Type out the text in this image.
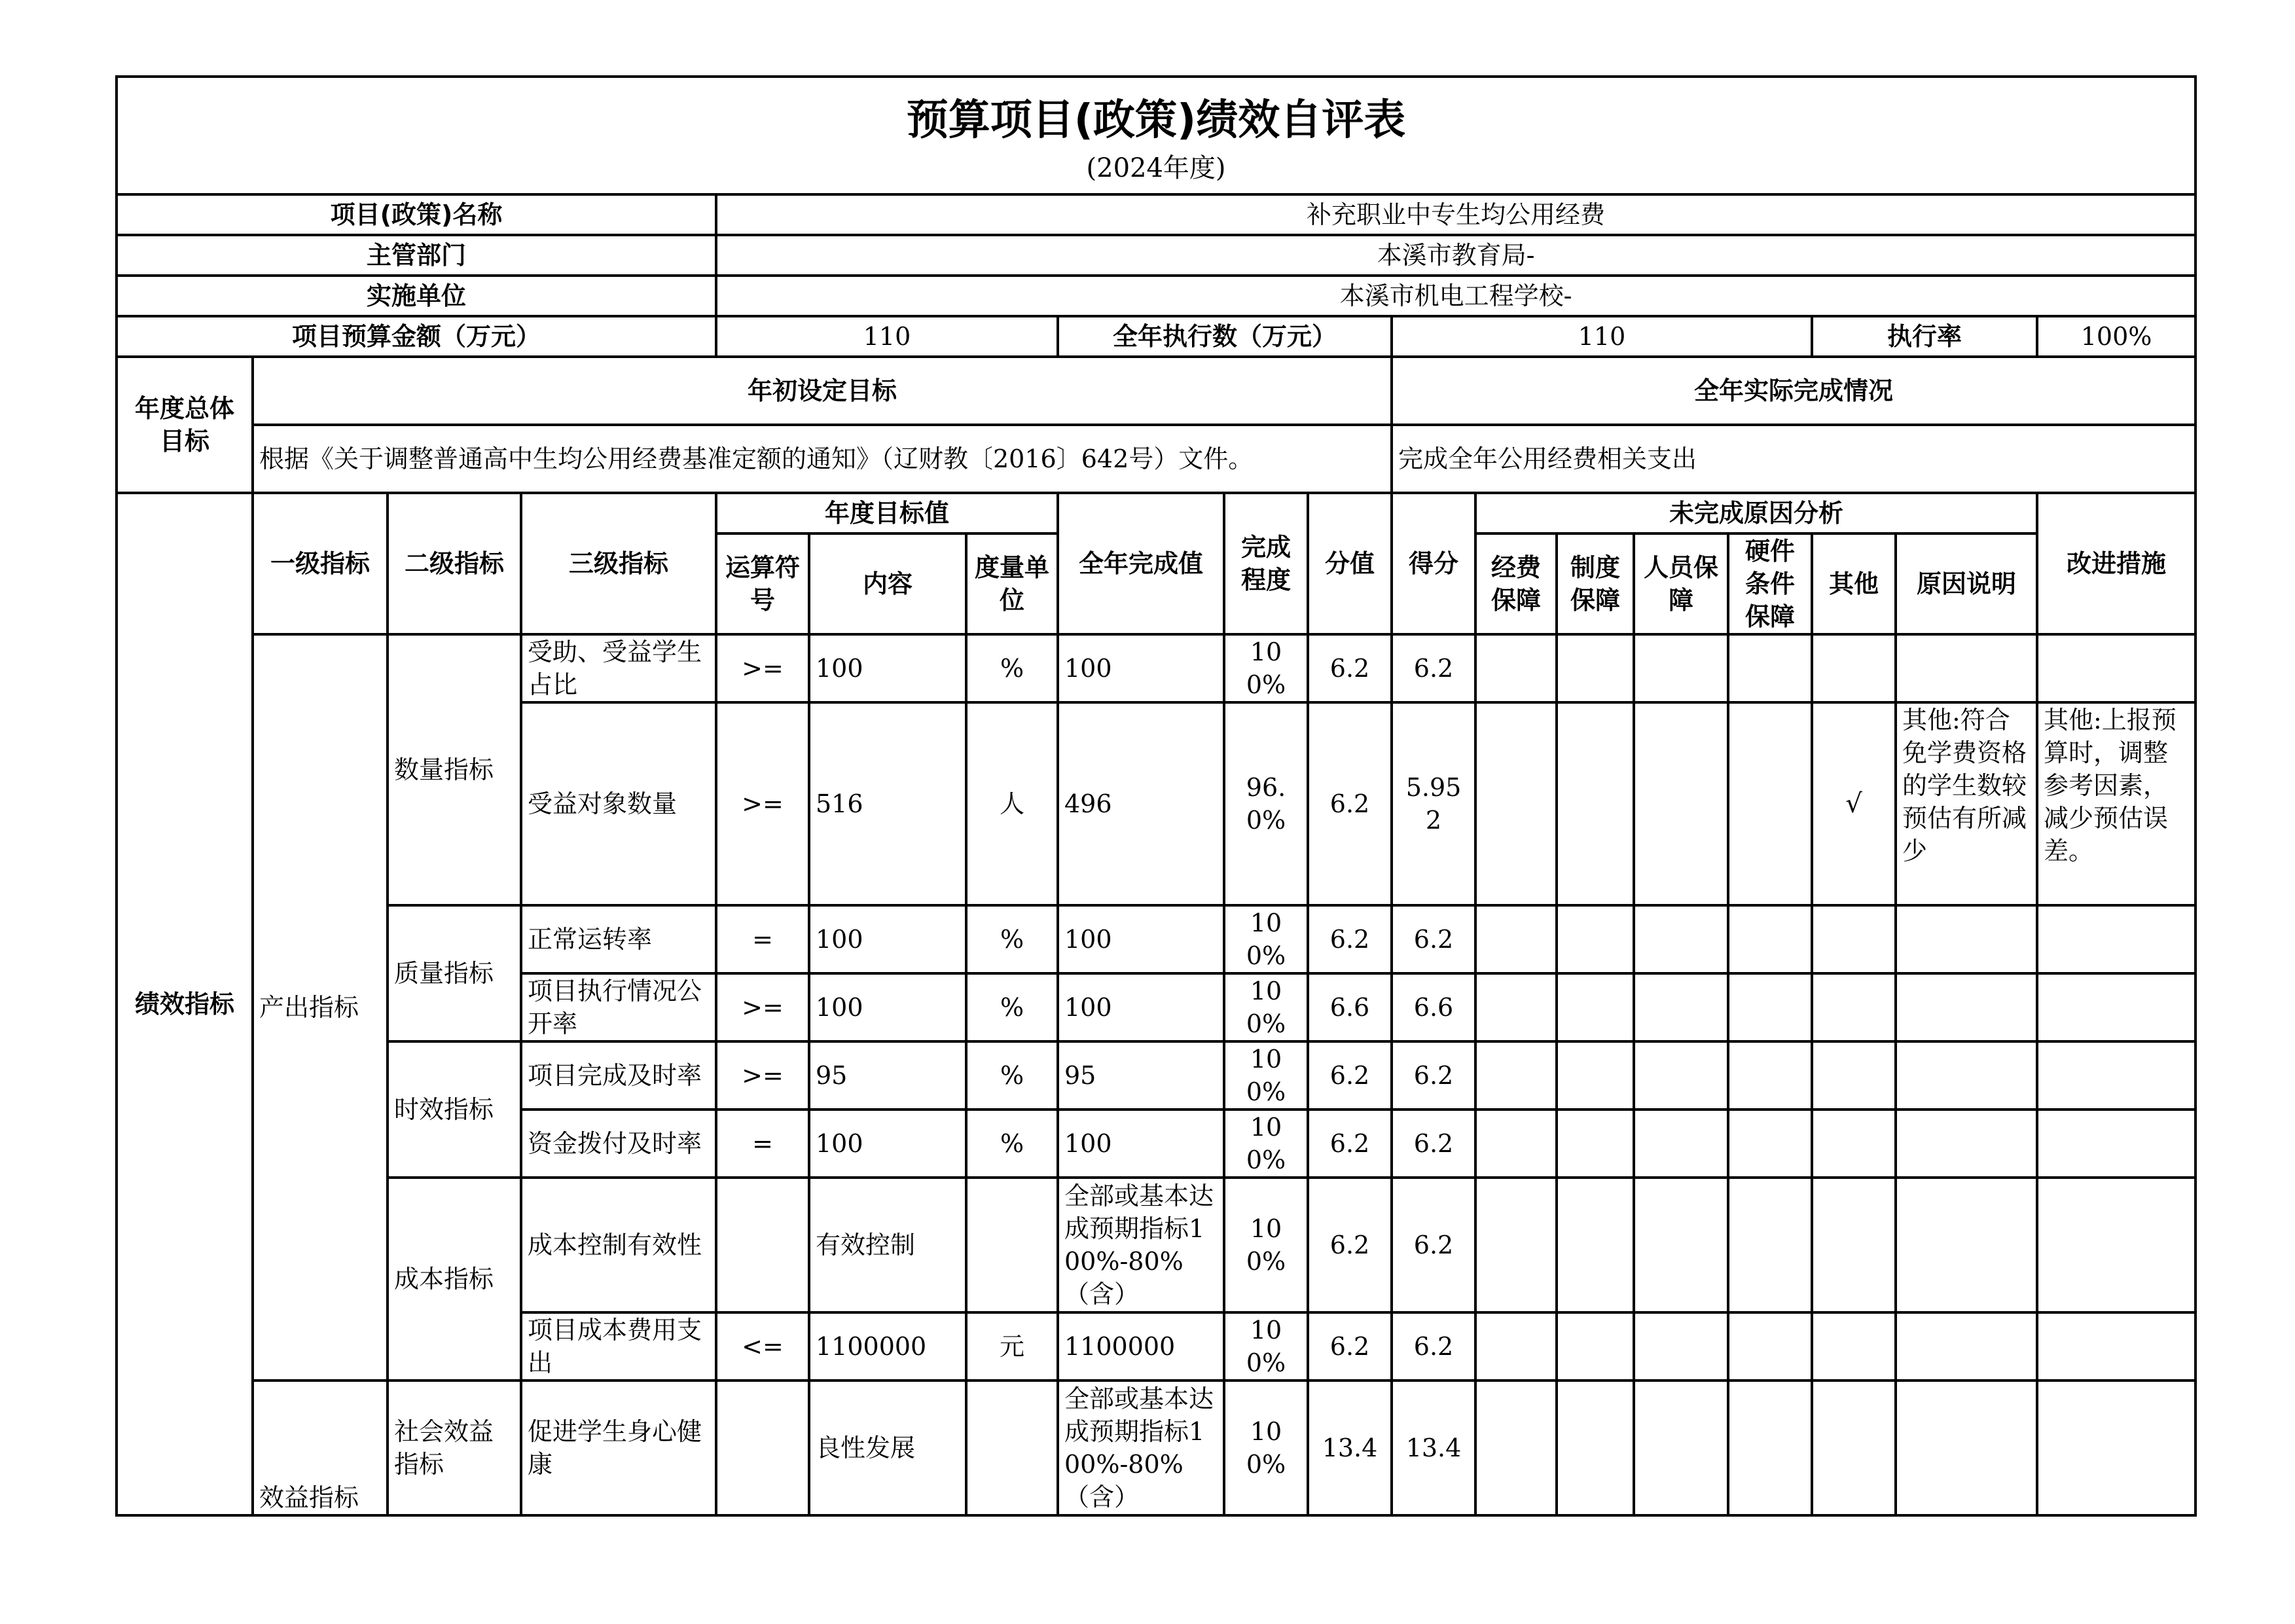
预算项目(政策)绩效自评表
(2024年度)																	

项目(政策)名称				补充职业中专生均公用经费													
主管部门				本溪市教育局-													
实施单位				本溪市机电工程学校-													
项目预算金额（万元）				110			全年执行数（万元）			110					执行率		100%
年度总体目标	年初设定目标									全年实际完成情况							
	根据《关于调整普通高中生均公用经费基准定额的通知》（辽财教〔2016〕642号）文件。									完成全年公用经费相关支出							
绩效指标	一级指标	二级指标	三级指标	年度目标值			全年完成值	完成程度	分值	得分	未完成原因分析						改进措施
				运算符号	内容	度量单位					经费保障	制度保障	人员保障	硬件条件保障	其他	原因说明	
	产出指标	数量指标	受助、受益学生占比	>=	100	%	100	100%	6.2	6.2							
			受益对象数量	>=	516	人	496	96.0%	6.2	5.952					√	其他:符合免学费资格的学生数较预估有所减少	其他:上报预算时，调整参考因素，减少预估误差。
		质量指标	正常运转率	=	100	%	100	100%	6.2	6.2							
			项目执行情况公开率	>=	100	%	100	100%	6.6	6.6							
		时效指标	项目完成及时率	>=	95	%	95	100%	6.2	6.2							
			资金拨付及时率	=	100	%	100	100%	6.2	6.2							
		成本指标	成本控制有效性		有效控制		全部或基本达成预期指标100%-80%（含）	100%	6.2	6.2							
			项目成本费用支出	<=	1100000	元	1100000	100%	6.2	6.2							
	效益指标	社会效益指标	促进学生身心健康		良性发展		全部或基本达成预期指标100%-80%（含）	100%	13.4	13.4							
